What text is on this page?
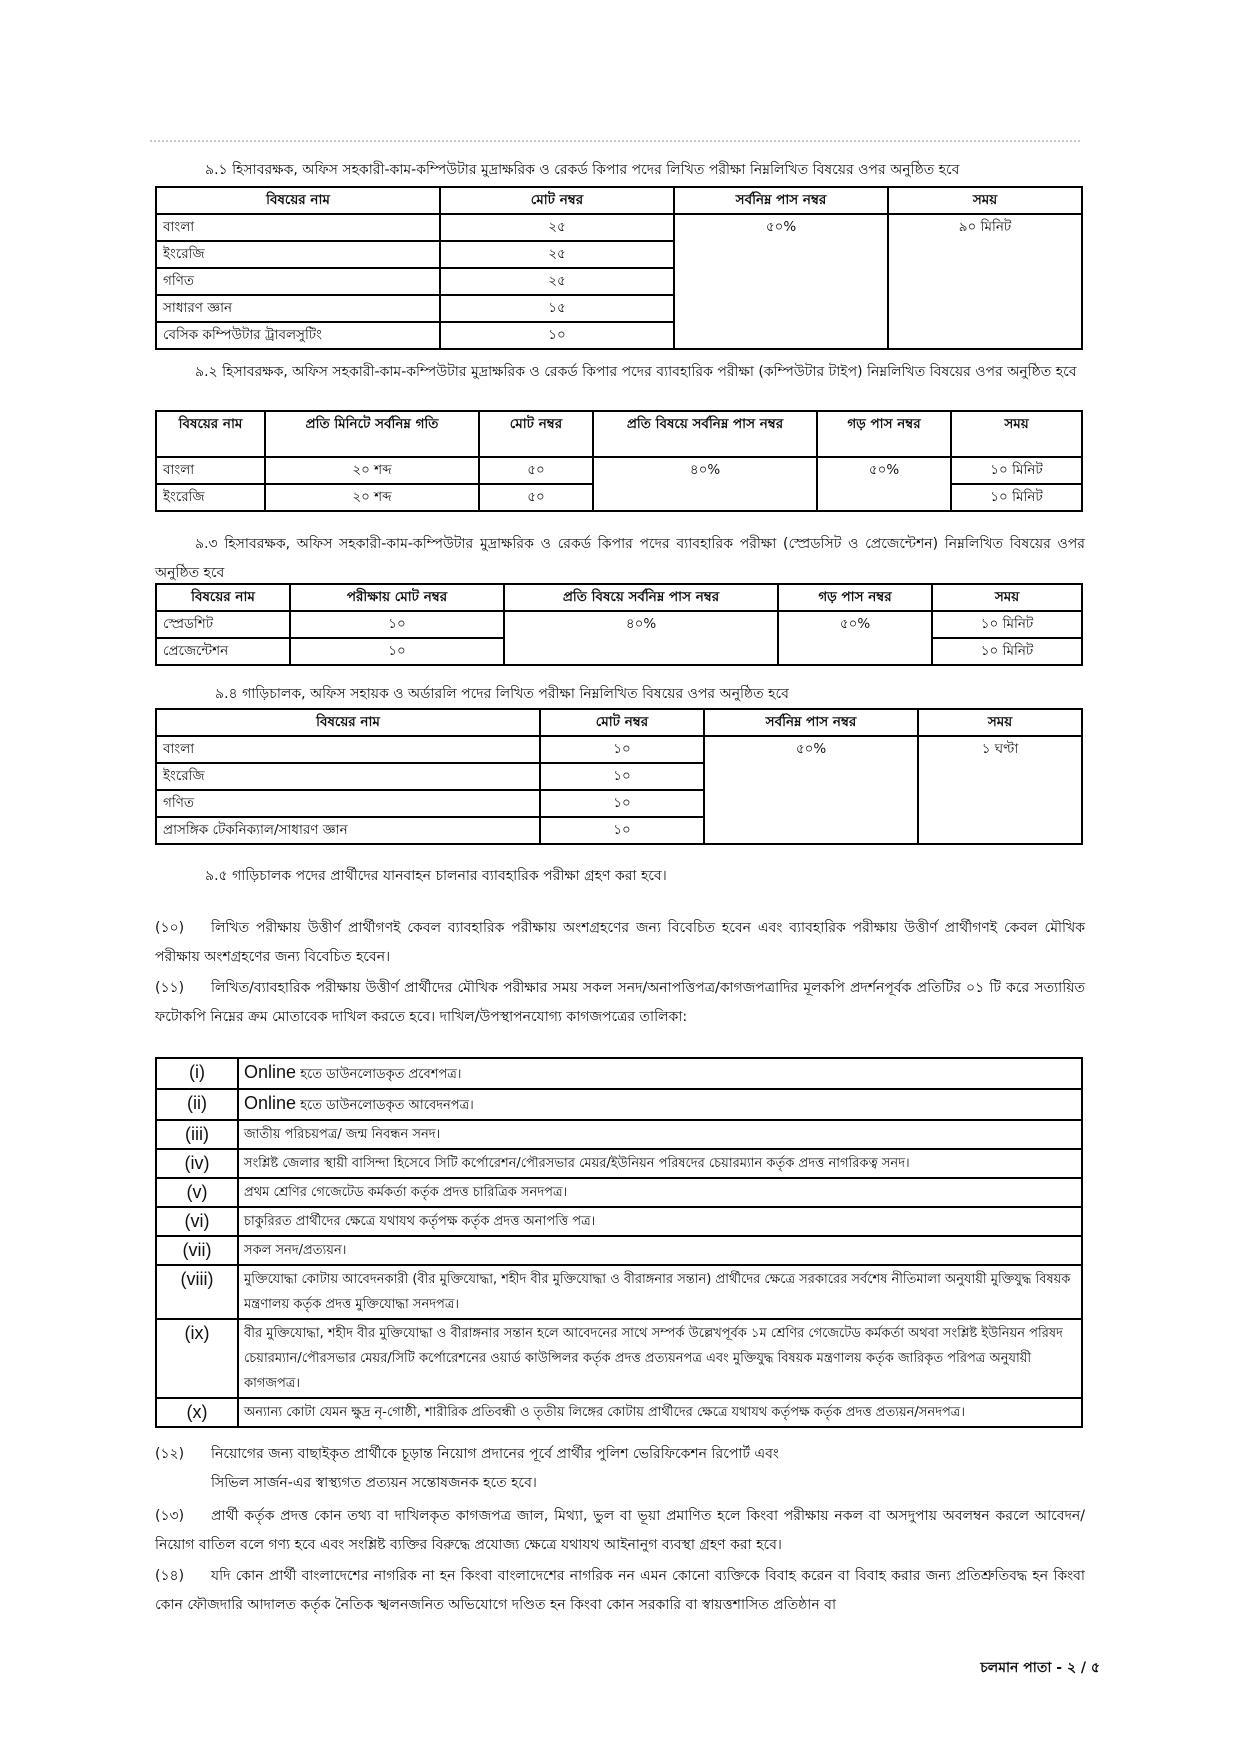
৯.১ হিসাবরক্ষক, অফিস সহকারী-কাম-কম্পিউটার মুদ্রাক্ষরিক ও রেকর্ড কিপার পদের লিখিত পরীক্ষা নিম্নলিখিত বিষয়ের ওপর অনুষ্ঠিত হবে
বিষয়ের নাম	মোট নম্বর	সর্বনিম্ন পাস নম্বর	সময়
বাংলা	২৫	৫০%	৯০ মিনিট
ইংরেজি	২৫		
গণিত	২৫		
সাধারণ জ্ঞান	১৫		
বেসিক কম্পিউটার ট্রাবলসুটিং	১০		
৯.২ হিসাবরক্ষক, অফিস সহকারী-কাম-কম্পিউটার মুদ্রাক্ষরিক ও রেকর্ড কিপার পদের ব্যাবহারিক পরীক্ষা (কম্পিউটার টাইপ) নিম্নলিখিত বিষয়ের ওপর অনুষ্ঠিত হবে
বিষয়ের নাম	প্রতি মিনিটে সর্বনিম্ন গতি	মোট নম্বর	প্রতি বিষয়ে সর্বনিম্ন পাস নম্বর	গড় পাস নম্বর	সময়
বাংলা	২০ শব্দ	৫০	৪০%	৫০%	১০ মিনিট
ইংরেজি	২০ শব্দ	৫০			১০ মিনিট
৯.৩ হিসাবরক্ষক, অফিস সহকারী-কাম-কম্পিউটার মুদ্রাক্ষরিক ও রেকর্ড কিপার পদের ব্যাবহারিক পরীক্ষা (স্প্রেডসিট ও প্রেজেন্টেশন) নিম্নলিখিত বিষয়ের ওপর অনুষ্ঠিত হবে
বিষয়ের নাম	পরীক্ষায় মোট নম্বর	প্রতি বিষয়ে সর্বনিম্ন পাস নম্বর	গড় পাস নম্বর	সময়
স্প্রেডশিট	১০	৪০%	৫০%	১০ মিনিট
প্রেজেন্টেশন	১০			১০ মিনিট
৯.৪ গাড়িচালক, অফিস সহায়ক ও অর্ডারলি পদের লিখিত পরীক্ষা নিম্নলিখিত বিষয়ের ওপর অনুষ্ঠিত হবে
বিষয়ের নাম	মোট নম্বর	সর্বনিম্ন পাস নম্বর	সময়
বাংলা	১০	৫০%	১ ঘণ্টা
ইংরেজি	১০		
গণিত	১০		
প্রাসঙ্গিক টেকনিক্যাল/সাধারণ জ্ঞান	১০		
৯.৫ গাড়িচালক পদের প্রার্থীদের যানবাহন চালনার ব্যাবহারিক পরীক্ষা গ্রহণ করা হবে।
(১০) লিখিত পরীক্ষায় উত্তীর্ণ প্রার্থীগণই কেবল ব্যাবহারিক পরীক্ষায় অংশগ্রহণের জন্য বিবেচিত হবেন এবং ব্যাবহারিক পরীক্ষায় উত্তীর্ণ প্রার্থীগণই কেবল মৌখিক পরীক্ষায় অংশগ্রহণের জন্য বিবেচিত হবেন।
(১১) লিখিত/ব্যাবহারিক পরীক্ষায় উত্তীর্ণ প্রার্থীদের মৌখিক পরীক্ষার সময় সকল সনদ/অনাপত্তিপত্র/কাগজপত্রাদির মূলকপি প্রদর্শনপূর্বক প্রতিটির ০১ টি করে সত্যায়িত ফটোকপি নিম্নের ক্রম মোতাবেক দাখিল করতে হবে। দাখিল/উপস্থাপনযোগ্য কাগজপত্রের তালিকা:
(i)	Online হতে ডাউনলোডকৃত প্রবেশপত্র।
(ii)	Online হতে ডাউনলোডকৃত আবেদনপত্র।
(iii)	জাতীয় পরিচয়পত্র/ জন্ম নিবন্ধন সনদ।
(iv)	সংশ্লিষ্ট জেলার স্থায়ী বাসিন্দা হিসেবে সিটি কর্পোরেশন/পৌরসভার মেয়র/ইউনিয়ন পরিষদের চেয়ারম্যান কর্তৃক প্রদত্ত নাগরিকত্ব সনদ।
(v)	প্রথম শ্রেণির গেজেটেড কর্মকর্তা কর্তৃক প্রদত্ত চারিত্রিক সনদপত্র।
(vi)	চাকুরিরত প্রার্থীদের ক্ষেত্রে যথাযথ কর্তৃপক্ষ কর্তৃক প্রদত্ত অনাপত্তি পত্র।
(vii)	সকল সনদ/প্রত্যয়ন।
(viii)	মুক্তিযোদ্ধা কোটায় আবেদনকারী (বীর মুক্তিযোদ্ধা, শহীদ বীর মুক্তিযোদ্ধা ও বীরাঙ্গনার সন্তান) প্রার্থীদের ক্ষেত্রে সরকারের সর্বশেষ নীতিমালা অনুযায়ী মুক্তিযুদ্ধ বিষয়ক মন্ত্রণালয় কর্তৃক প্রদত্ত মুক্তিযোদ্ধা সনদপত্র।
(ix)	বীর মুক্তিযোদ্ধা, শহীদ বীর মুক্তিযোদ্ধা ও বীরাঙ্গনার সন্তান হলে আবেদনের সাথে সম্পর্ক উল্লেখপূর্বক ১ম শ্রেণির গেজেটেড কর্মকর্তা অথবা সংশ্লিষ্ট ইউনিয়ন পরিষদ চেয়ারম্যান/পৌরসভার মেয়র/সিটি কর্পোরেশনের ওয়ার্ড কাউন্সিলর কর্তৃক প্রদত্ত প্রত্যয়নপত্র এবং মুক্তিযুদ্ধ বিষয়ক মন্ত্রণালয় কর্তৃক জারিকৃত পরিপত্র অনুযায়ী কাগজপত্র।
(x)	অন্যান্য কোটা যেমন ক্ষুদ্র নৃ-গোষ্ঠী, শারীরিক প্রতিবন্ধী ও তৃতীয় লিঙ্গের কোটায় প্রার্থীদের ক্ষেত্রে যথাযথ কর্তৃপক্ষ কর্তৃক প্রদত্ত প্রত্যয়ন/সনদপত্র।
(১২) নিয়োগের জন্য বাছাইকৃত প্রার্থীকে চূড়ান্ত নিয়োগ প্রদানের পূর্বে প্রার্থীর পুলিশ ভেরিফিকেশন রিপোর্ট এবং
সিভিল সার্জন-এর স্বাস্থ্যগত প্রত্যয়ন সন্তোষজনক হতে হবে।
(১৩) প্রার্থী কর্তৃক প্রদত্ত কোন তথ্য বা দাখিলকৃত কাগজপত্র জাল, মিথ্যা, ভুল বা ভূয়া প্রমাণিত হলে কিংবা পরীক্ষায় নকল বা অসদুপায় অবলম্বন করলে আবেদন/নিয়োগ বাতিল বলে গণ্য হবে এবং সংশ্লিষ্ট ব্যক্তির বিরুদ্ধে প্রযোজ্য ক্ষেত্রে যথাযথ আইনানুগ ব্যবস্থা গ্রহণ করা হবে।
(১৪) যদি কোন প্রার্থী বাংলাদেশের নাগরিক না হন কিংবা বাংলাদেশের নাগরিক নন এমন কোনো ব্যক্তিকে বিবাহ করেন বা বিবাহ করার জন্য প্রতিশ্রুতিবদ্ধ হন কিংবা কোন ফৌজদারি আদালত কর্তৃক নৈতিক স্খলনজনিত অভিযোগে দণ্ডিত হন কিংবা কোন সরকারি বা স্বায়ত্তশাসিত প্রতিষ্ঠান বা
চলমান পাতা - ২ / ৫
